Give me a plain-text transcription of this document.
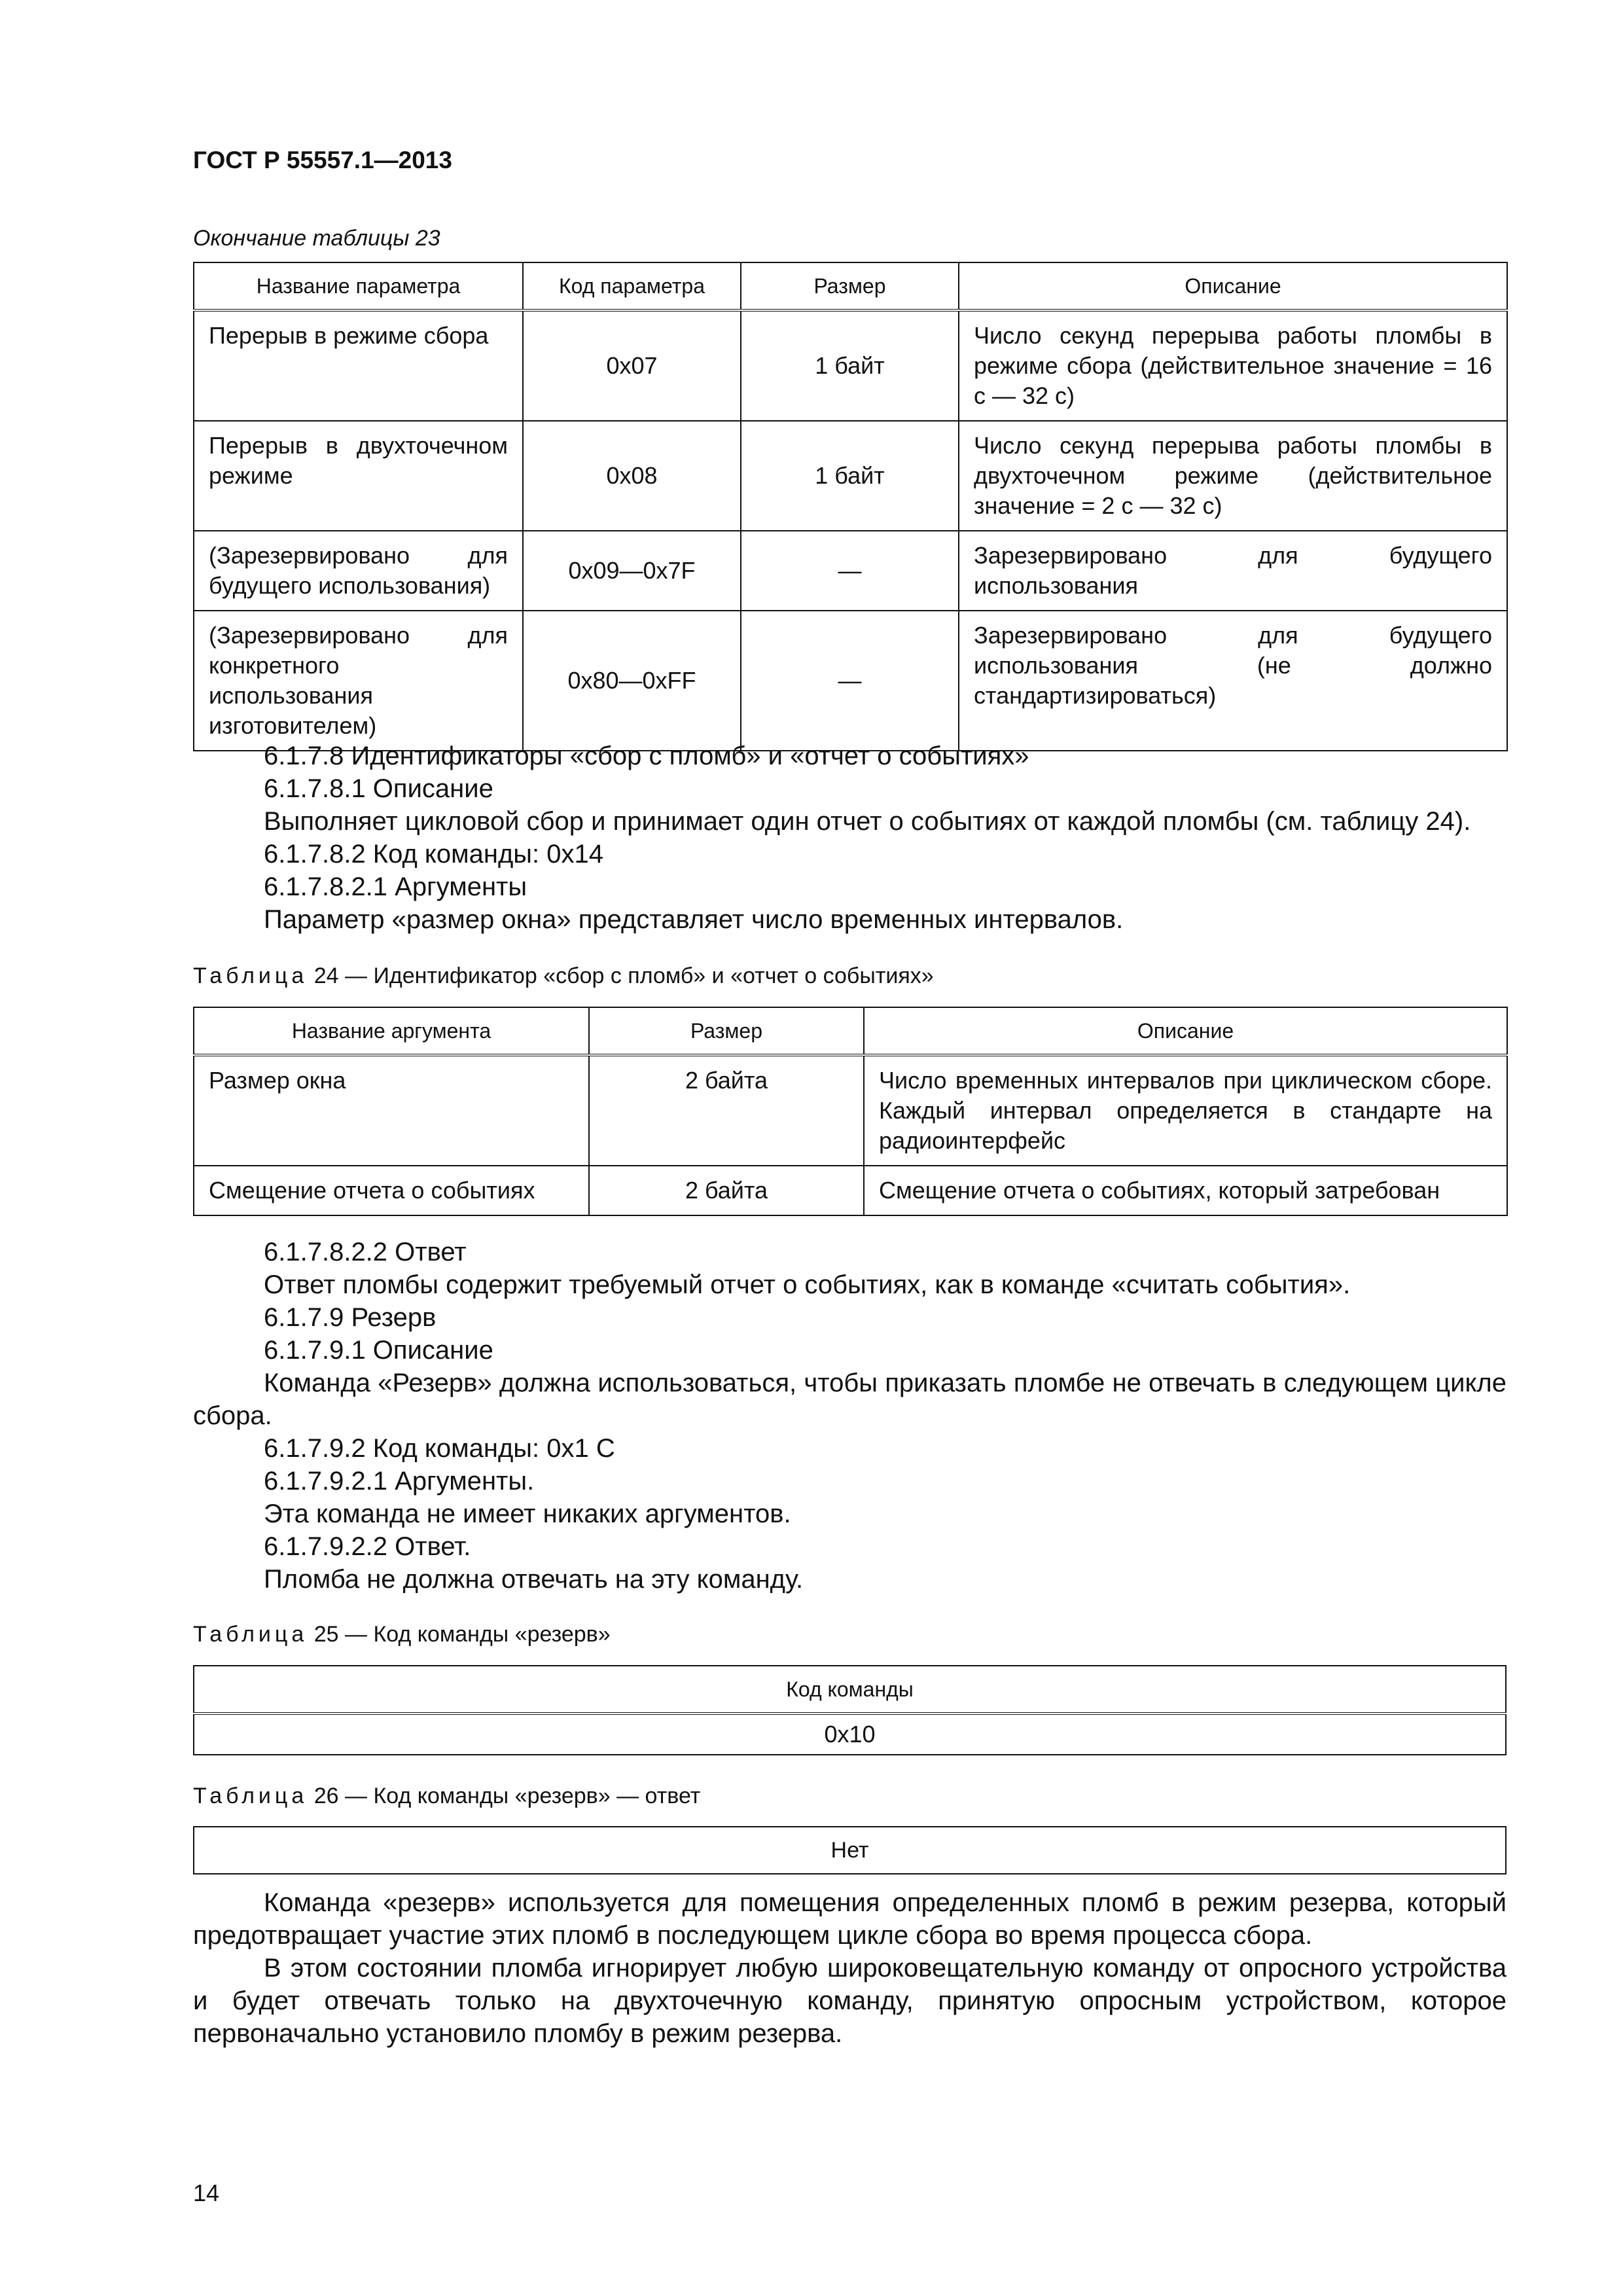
ГОСТ Р 55557.1—2013
Окончание таблицы 23
Название параметра	Код параметра	Размер	Описание
Перерыв в режиме сбора	0x07	1 байт	Число секунд перерыва работы пломбы в режиме сбора (действительное значение = 16 с — 32 с)
Перерыв в двухточечном режиме	0x08	1 байт	Число секунд перерыва работы пломбы в двухточечном режиме (действительное значение = 2 с — 32 с)
(Зарезервировано для будущего использования)	0x09—0x7F	—	Зарезервировано для будущего использования
(Зарезервировано для конкретного использования изготовителем)	0x80—0xFF	—	Зарезервировано для будущего использования (не должно стандартизироваться)

6.1.7.8 Идентификаторы «сбор с пломб» и «отчет о событиях»

6.1.7.8.1 Описание

Выполняет цикловой сбор и принимает один отчет о событиях от каждой пломбы (см. таблицу 24).

6.1.7.8.2 Код команды: 0x14

6.1.7.8.2.1 Аргументы

Параметр «размер окна» представляет число временных интервалов.

Таблица 24 — Идентификатор «сбор с пломб» и «отчет о событиях»
Название аргумента	Размер	Описание
Размер окна	2 байта	Число временных интервалов при циклическом сборе. Каждый интервал определяется в стандарте на радиоинтерфейс
Смещение отчета о событиях	2 байта	Смещение отчета о событиях, который затребован

6.1.7.8.2.2 Ответ

Ответ пломбы содержит требуемый отчет о событиях, как в команде «считать события».

6.1.7.9 Резерв

6.1.7.9.1 Описание

Команда «Резерв» должна использоваться, чтобы приказать пломбе не отвечать в следующем цикле сбора.

6.1.7.9.2 Код команды: 0x1 C

6.1.7.9.2.1 Аргументы.

Эта команда не имеет никаких аргументов.

6.1.7.9.2.2 Ответ.

Пломба не должна отвечать на эту команду.

Таблица 25 — Код команды «резерв»
Код команды
0x10
Таблица 26 — Код команды «резерв» — ответ
Нет

Команда «резерв» используется для помещения определенных пломб в режим резерва, который предотвращает участие этих пломб в последующем цикле сбора во время процесса сбора.

В этом состоянии пломба игнорирует любую широковещательную команду от опросного устройства и будет отвечать только на двухточечную команду, принятую опросным устройством, которое первоначально установило пломбу в режим резерва.

14
